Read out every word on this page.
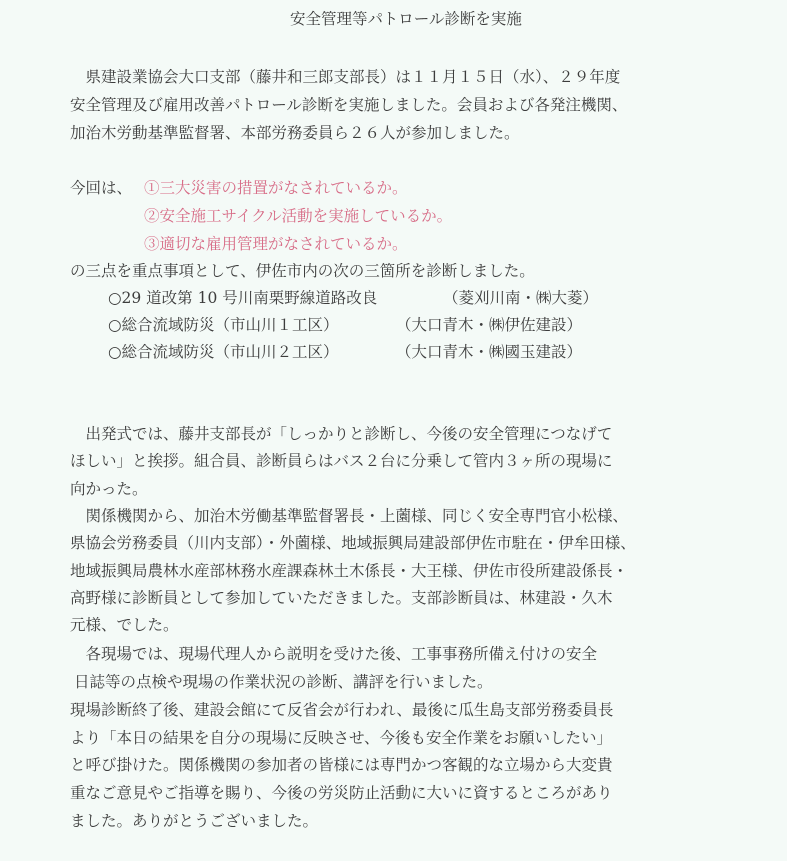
安全管理等パトロール診断を実施
　県建設業協会大口支部（藤井和三郎支部長）は１１月１５日（水）、２９年度
安全管理及び雇用改善パトロール診断を実施しました。会員および各発注機関、
加治木労動基準監督署、本部労務委員ら２６人が参加しました。
今回は、 ①三大災害の措置がなされているか。
②安全施工サイクル活動を実施しているか。
③適切な雇用管理がなされているか。
の三点を重点事項として、伊佐市内の次の三箇所を診断しました。
○29 道改第 10 号川南栗野線道路改良	（菱刈川南・㈱大菱）
○総合流域防災（市山川１工区）	（大口青木・㈱伊佐建設）
○総合流域防災（市山川２工区）	（大口青木・㈱國玉建設）
　出発式では、藤井支部長が「しっかりと診断し、今後の安全管理につなげて
ほしい」と挨拶。組合員、診断員らはバス２台に分乗して管内３ヶ所の現場に
向かった。
　関係機関から、加治木労働基準監督署長・上薗様、同じく安全専門官小松様、
県協会労務委員（川内支部）・外薗様、地域振興局建設部伊佐市駐在・伊牟田様、
地域振興局農林水産部林務水産課森林土木係長・大王様、伊佐市役所建設係長・
高野様に診断員として参加していただきました。支部診断員は、林建設・久木
元様、でした。
　各現場では、現場代理人から説明を受けた後、工事事務所備え付けの安全
日誌等の点検や現場の作業状況の診断、講評を行いました。
現場診断終了後、建設会館にて反省会が行われ、最後に瓜生島支部労務委員長
より「本日の結果を自分の現場に反映させ、今後も安全作業をお願いしたい」
と呼び掛けた。関係機関の参加者の皆様には専門かつ客観的な立場から大変貴
重なご意見やご指導を賜り、今後の労災防止活動に大いに資するところがあり
ました。ありがとうございました。
